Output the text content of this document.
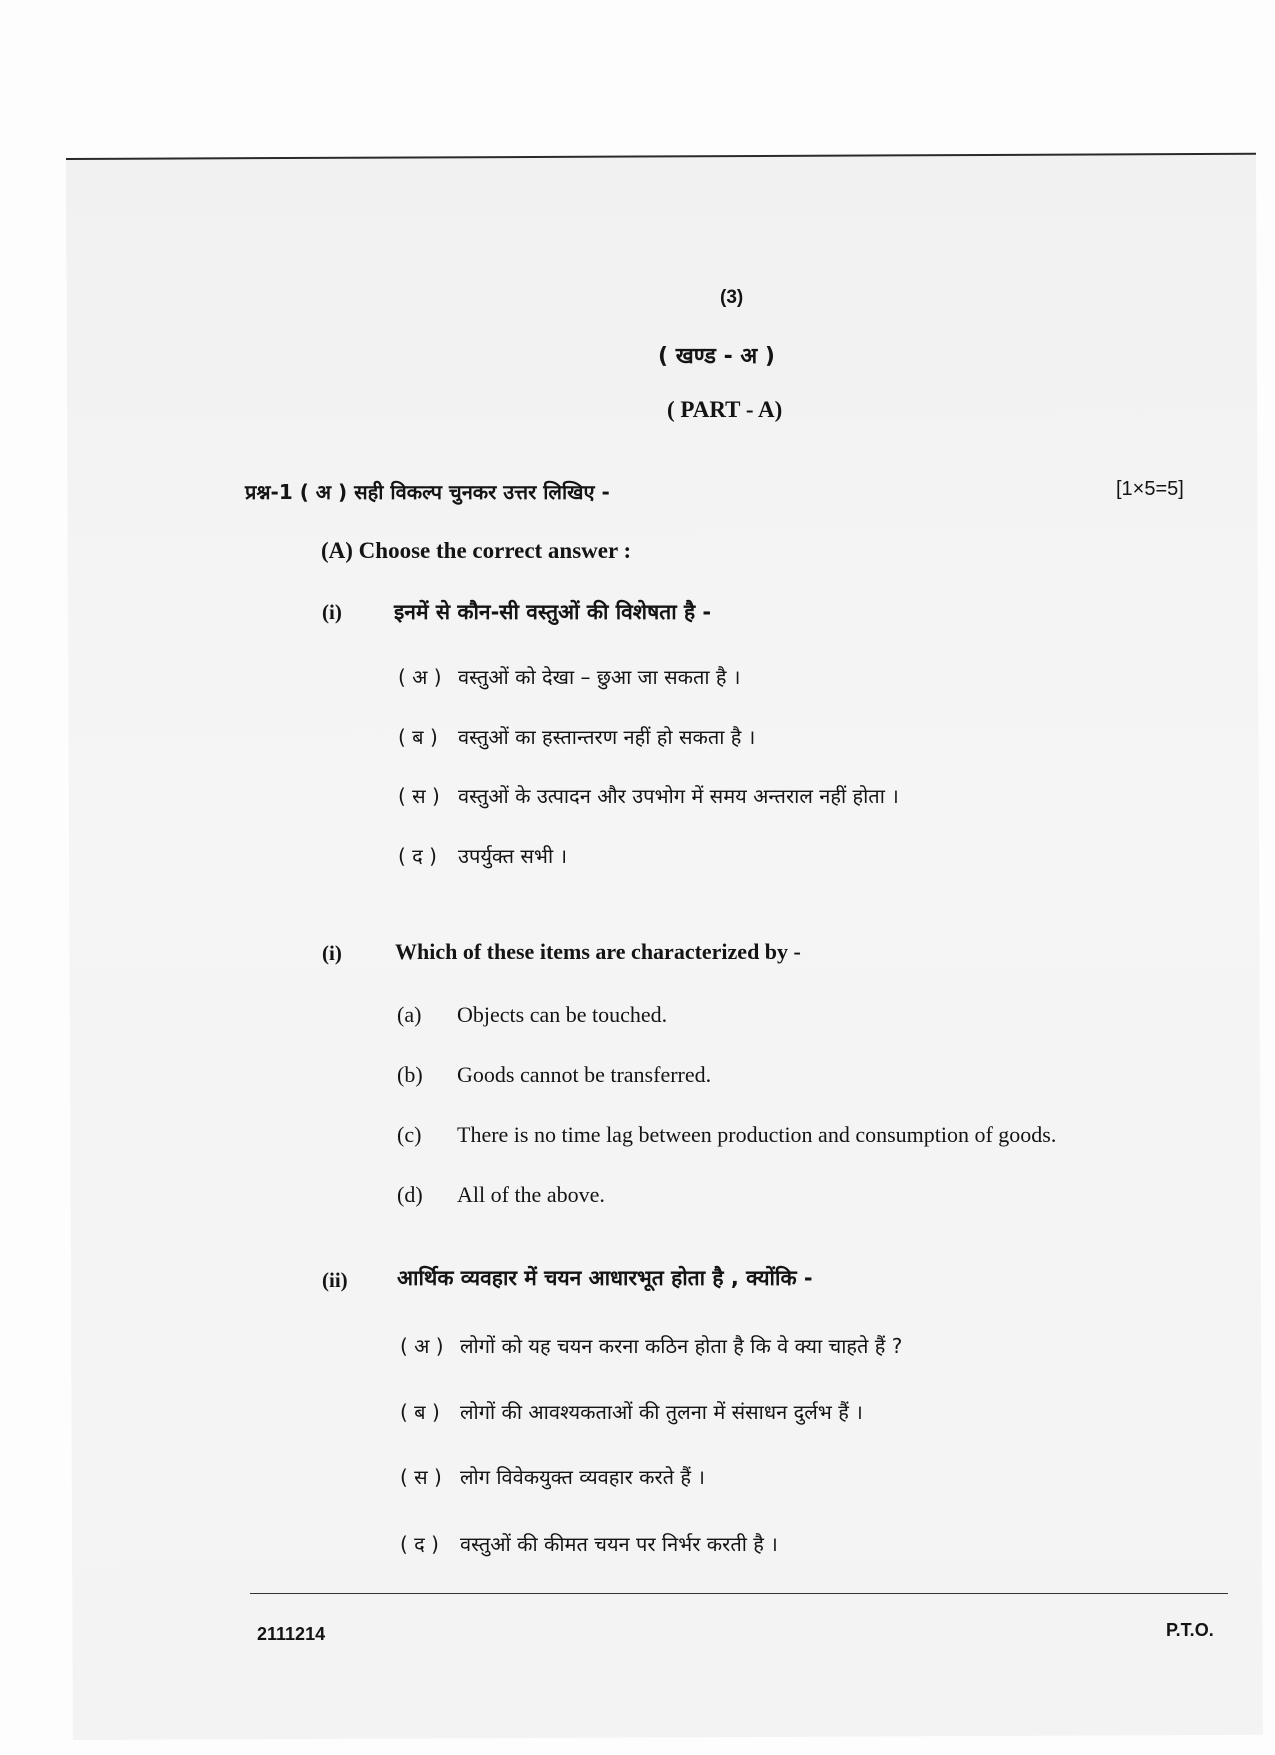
(3)
( खण्ड - अ )
( PART - A)
प्रश्न-1 ( अ ) सही विकल्प चुनकर उत्तर लिखिए -	[1×5=5]
(A) Choose the correct answer :
(i) इनमें से कौन-सी वस्तुओं की विशेषता है -
( अ ) वस्तुओं को देखा – छुआ जा सकता है ।
( ब ) वस्तुओं का हस्तान्तरण नहीं हो सकता है ।
( स ) वस्तुओं के उत्पादन और उपभोग में समय अन्तराल नहीं होता ।
( द ) उपर्युक्त सभी ।
(i) Which of these items are characterized by -
(a) Objects can be touched.
(b) Goods cannot be transferred.
(c) There is no time lag between production and consumption of goods.
(d) All of the above.
(ii) आर्थिक व्यवहार में चयन आधारभूत होता है , क्योंकि -
( अ ) लोगों को यह चयन करना कठिन होता है कि वे क्या चाहते हैं ?
( ब ) लोगों की आवश्यकताओं की तुलना में संसाधन दुर्लभ हैं ।
( स ) लोग विवेकयुक्त व्यवहार करते हैं ।
( द ) वस्तुओं की कीमत चयन पर निर्भर करती है ।
2111214	P.T.O.
